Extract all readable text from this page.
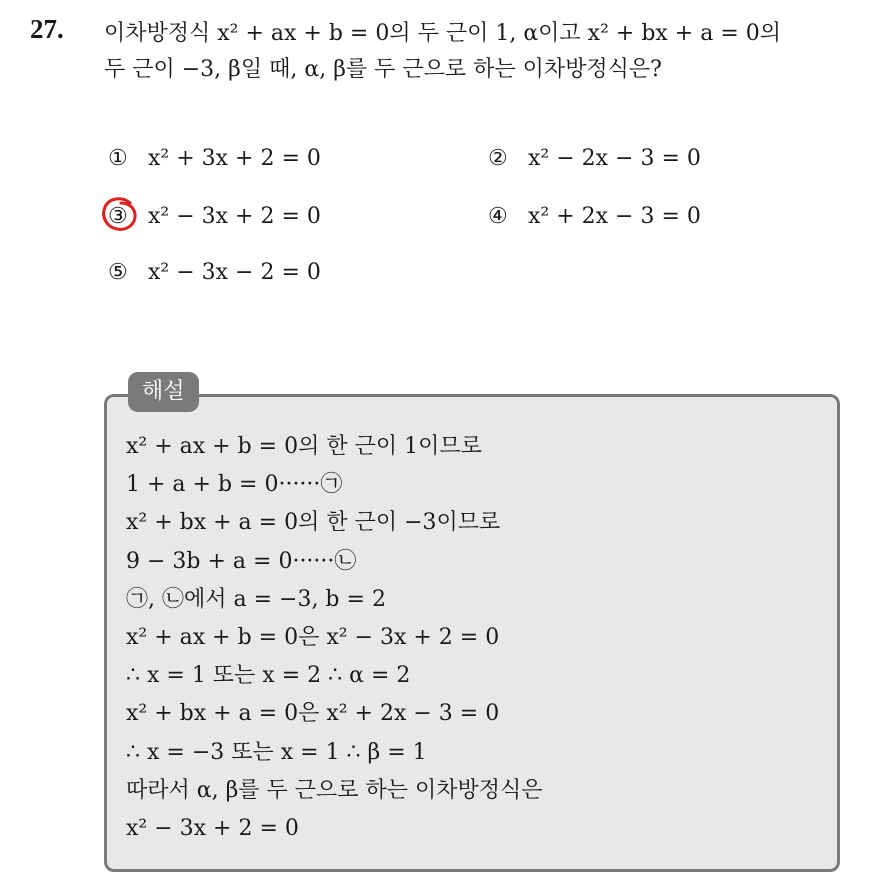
27. 이차방정식 x² + ax + b = 0의 두 근이 1, α이고 x² + bx + a = 0의
두 근이 −3, β일 때, α, β를 두 근으로 하는 이차방정식은?
① x² + 3x + 2 = 0	② x² − 2x − 3 = 0
③ x² − 3x + 2 = 0	④ x² + 2x − 3 = 0
⑤ x² − 3x − 2 = 0
해설
x² + ax + b = 0의 한 근이 1이므로
1 + a + b = 0······㉠
x² + bx + a = 0의 한 근이 −3이므로
9 − 3b + a = 0······㉡
㉠, ㉡에서 a = −3, b = 2
x² + ax + b = 0은 x² − 3x + 2 = 0
∴ x = 1 또는 x = 2 ∴ α = 2
x² + bx + a = 0은 x² + 2x − 3 = 0
∴ x = −3 또는 x = 1 ∴ β = 1
따라서 α, β를 두 근으로 하는 이차방정식은
x² − 3x + 2 = 0
